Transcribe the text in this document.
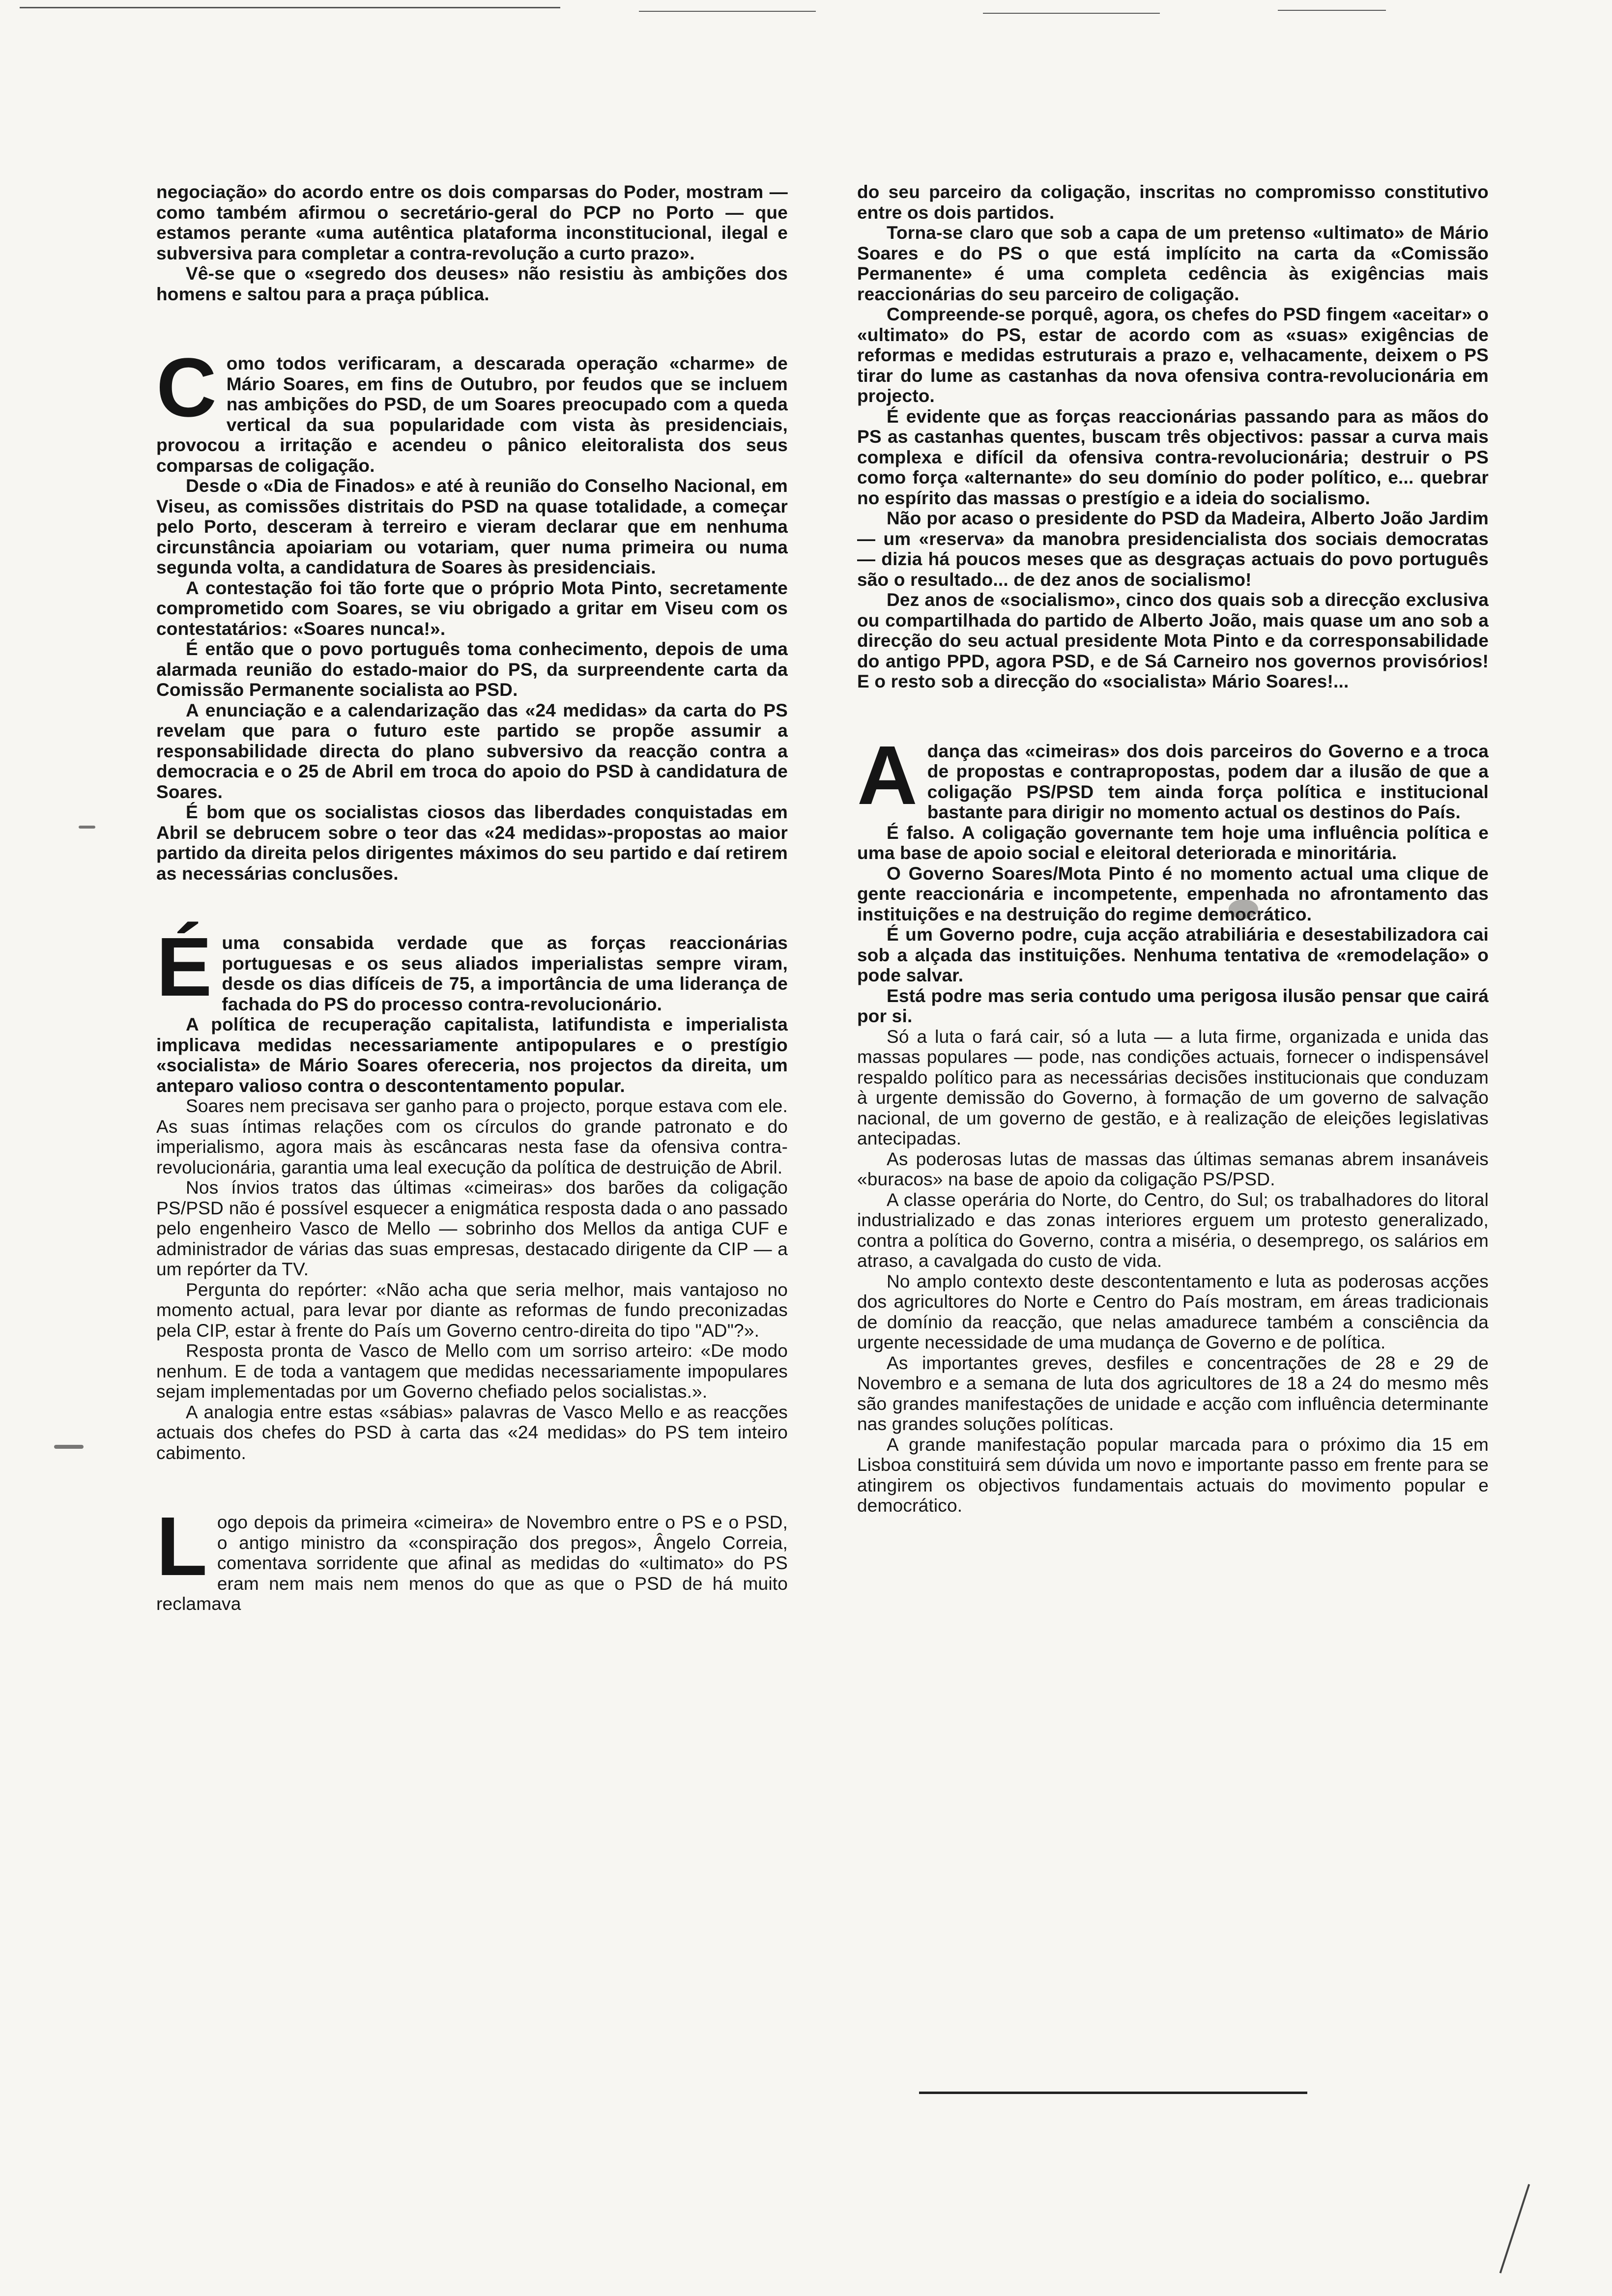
negociação» do acordo entre os dois comparsas do Poder, mostram — como também afirmou o secretário-geral do PCP no Porto — que estamos perante «uma autêntica plataforma inconstitucional, ilegal e subversiva para completar a contra-revolução a curto prazo».

Vê-se que o «segredo dos deuses» não resistiu às ambições dos homens e saltou para a praça pública.

C omo todos verificaram, a descarada operação «charme» de Mário Soares, em fins de Outubro, por feudos que se incluem nas ambições do PSD, de um Soares preocupado com a queda vertical da sua popularidade com vista às presidenciais, provocou a irritação e acendeu o pânico eleitoralista dos seus comparsas de coligação.

Desde o «Dia de Finados» e até à reunião do Conselho Nacional, em Viseu, as comissões distritais do PSD na quase totalidade, a começar pelo Porto, desceram à terreiro e vieram declarar que em nenhuma circunstância apoiariam ou votariam, quer numa primeira ou numa segunda volta, a candidatura de Soares às presidenciais.

A contestação foi tão forte que o próprio Mota Pinto, secretamente comprometido com Soares, se viu obrigado a gritar em Viseu com os contestatários: «Soares nunca!».

É então que o povo português toma conhecimento, depois de uma alarmada reunião do estado-maior do PS, da surpreendente carta da Comissão Permanente socialista ao PSD.

A enunciação e a calendarização das «24 medidas» da carta do PS revelam que para o futuro este partido se propõe assumir a responsabilidade directa do plano subversivo da reacção contra a democracia e o 25 de Abril em troca do apoio do PSD à candidatura de Soares.

É bom que os socialistas ciosos das liberdades conquistadas em Abril se debrucem sobre o teor das «24 medidas»-propostas ao maior partido da direita pelos dirigentes máximos do seu partido e daí retirem as necessárias conclusões.

É uma consabida verdade que as forças reaccionárias portuguesas e os seus aliados imperialistas sempre viram, desde os dias difíceis de 75, a importância de uma liderança de fachada do PS do processo contra-revolucionário.

A política de recuperação capitalista, latifundista e imperialista implicava medidas necessariamente antipopulares e o prestígio «socialista» de Mário Soares ofereceria, nos projectos da direita, um anteparo valioso contra o descontentamento popular.

Soares nem precisava ser ganho para o projecto, porque estava com ele. As suas íntimas relações com os círculos do grande patronato e do imperialismo, agora mais às escâncaras nesta fase da ofensiva contra-revolucionária, garantia uma leal execução da política de destruição de Abril.

Nos ínvios tratos das últimas «cimeiras» dos barões da coligação PS/PSD não é possível esquecer a enigmática resposta dada o ano passado pelo engenheiro Vasco de Mello — sobrinho dos Mellos da antiga CUF e administrador de várias das suas empresas, destacado dirigente da CIP — a um repórter da TV.

Pergunta do repórter: «Não acha que seria melhor, mais vantajoso no momento actual, para levar por diante as reformas de fundo preconizadas pela CIP, estar à frente do País um Governo centro-direita do tipo "AD"?».

Resposta pronta de Vasco de Mello com um sorriso arteiro: «De modo nenhum. E de toda a vantagem que medidas necessariamente impopulares sejam implementadas por um Governo chefiado pelos socialistas.».

A analogia entre estas «sábias» palavras de Vasco Mello e as reacções actuais dos chefes do PSD à carta das «24 medidas» do PS tem inteiro cabimento.

L ogo depois da primeira «cimeira» de Novembro entre o PS e o PSD, o antigo ministro da «conspiração dos pregos», Ângelo Correia, comentava sorridente que afinal as medidas do «ultimato» do PS eram nem mais nem menos do que as que o PSD de há muito reclamava

do seu parceiro da coligação, inscritas no compromisso constitutivo entre os dois partidos.

Torna-se claro que sob a capa de um pretenso «ultimato» de Mário Soares e do PS o que está implícito na carta da «Comissão Permanente» é uma completa cedência às exigências mais reaccionárias do seu parceiro de coligação.

Compreende-se porquê, agora, os chefes do PSD fingem «aceitar» o «ultimato» do PS, estar de acordo com as «suas» exigências de reformas e medidas estruturais a prazo e, velhacamente, deixem o PS tirar do lume as castanhas da nova ofensiva contra-revolucionária em projecto.

É evidente que as forças reaccionárias passando para as mãos do PS as castanhas quentes, buscam três objectivos: passar a curva mais complexa e difícil da ofensiva contra-revolucionária; destruir o PS como força «alternante» do seu domínio do poder político, e... quebrar no espírito das massas o prestígio e a ideia do socialismo.

Não por acaso o presidente do PSD da Madeira, Alberto João Jardim — um «reserva» da manobra presidencialista dos sociais democratas — dizia há poucos meses que as desgraças actuais do povo português são o resultado... de dez anos de socialismo!

Dez anos de «socialismo», cinco dos quais sob a direcção exclusiva ou compartilhada do partido de Alberto João, mais quase um ano sob a direcção do seu actual presidente Mota Pinto e da corresponsabilidade do antigo PPD, agora PSD, e de Sá Carneiro nos governos provisórios! E o resto sob a direcção do «socialista» Mário Soares!...

A dança das «cimeiras» dos dois parceiros do Governo e a troca de propostas e contrapropostas, podem dar a ilusão de que a coligação PS/PSD tem ainda força política e institucional bastante para dirigir no momento actual os destinos do País.

É falso. A coligação governante tem hoje uma influência política e uma base de apoio social e eleitoral deteriorada e minoritária.

O Governo Soares/Mota Pinto é no momento actual uma clique de gente reaccionária e incompetente, empenhada no afrontamento das instituições e na destruição do regime democrático.

É um Governo podre, cuja acção atrabiliária e desestabilizadora cai sob a alçada das instituições. Nenhuma tentativa de «remodelação» o pode salvar.

Está podre mas seria contudo uma perigosa ilusão pensar que cairá por si.

Só a luta o fará cair, só a luta — a luta firme, organizada e unida das massas populares — pode, nas condições actuais, fornecer o indispensável respaldo político para as necessárias decisões institucionais que conduzam à urgente demissão do Governo, à formação de um governo de salvação nacional, de um governo de gestão, e à realização de eleições legislativas antecipadas.

As poderosas lutas de massas das últimas semanas abrem insanáveis «buracos» na base de apoio da coligação PS/PSD.

A classe operária do Norte, do Centro, do Sul; os trabalhadores do litoral industrializado e das zonas interiores erguem um protesto generalizado, contra a política do Governo, contra a miséria, o desemprego, os salários em atraso, a cavalgada do custo de vida.

No amplo contexto deste descontentamento e luta as poderosas acções dos agricultores do Norte e Centro do País mostram, em áreas tradicionais de domínio da reacção, que nelas amadurece também a consciência da urgente necessidade de uma mudança de Governo e de política.

As importantes greves, desfiles e concentrações de 28 e 29 de Novembro e a semana de luta dos agricultores de 18 a 24 do mesmo mês são grandes manifestações de unidade e acção com influência determinante nas grandes soluções políticas.

A grande manifestação popular marcada para o próximo dia 15 em Lisboa constituirá sem dúvida um novo e importante passo em frente para se atingirem os objectivos fundamentais actuais do movimento popular e democrático.
